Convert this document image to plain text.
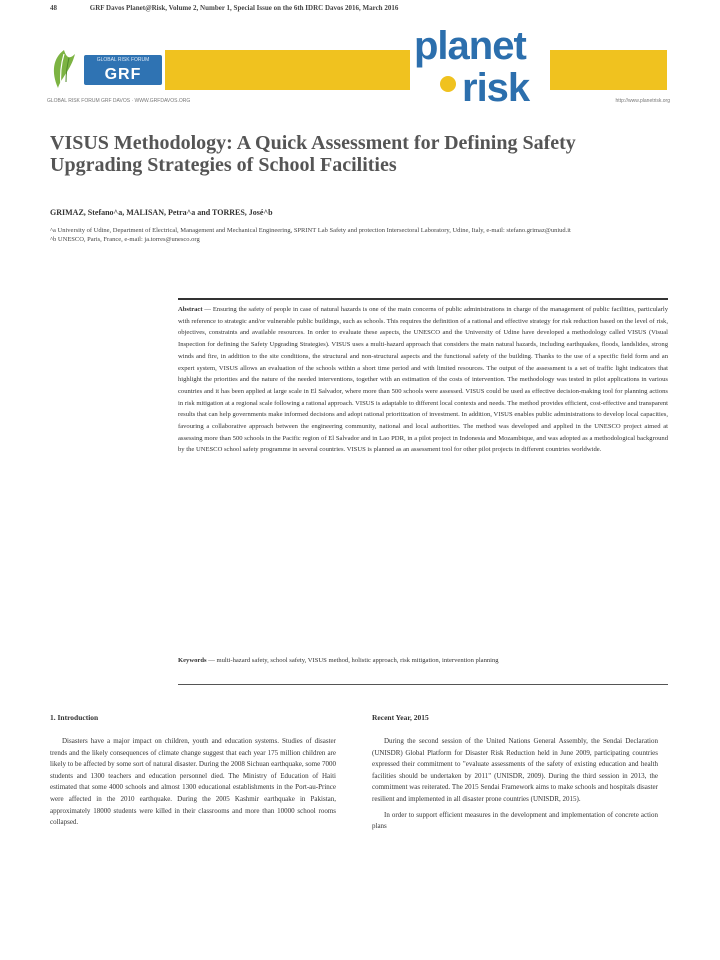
48	GRF Davos Planet@Risk, Volume 2, Number 1, Special Issue on the 6th IDRC Davos 2016, March 2016
GLOBAL RISK FORUM
GRF
GLOBAL RISK FORUM GRF DAVOS · WWW.GRFDAVOS.ORG
planet
risk	http://www.planetrisk.org
VISUS Methodology: A Quick Assessment for Defining Safety Upgrading Strategies of School Facilities
GRIMAZ, Stefano^a, MALISAN, Petra^a and TORRES, José^b

^a University of Udine, Department of Electrical, Management and Mechanical Engineering, SPRINT Lab Safety and protection Intersectoral Laboratory, Udine, Italy, e-mail: stefano.grimaz@uniud.it

^b UNESCO, Paris, France, e-mail: ja.torres@unesco.org

Abstract — Ensuring the safety of people in case of natural hazards is one of the main concerns of public administrations in charge of the management of public facilities, particularly with reference to strategic and/or vulnerable public buildings, such as schools. This requires the definition of a rational and effective strategy for risk reduction based on the level of risk, objectives, constraints and available resources. In order to evaluate these aspects, the UNESCO and the University of Udine have developed a methodology called VISUS (Visual Inspection for defining the Safety Upgrading Strategies). VISUS uses a multi-hazard approach that considers the main natural hazards, including earthquakes, floods, landslides, strong winds and fire, in addition to the site conditions, the structural and non-structural aspects and the functional safety of the building. Thanks to the use of a specific field form and an expert system, VISUS allows an evaluation of the schools within a short time period and with limited resources. The output of the assessment is a set of traffic light indicators that highlight the priorities and the nature of the needed interventions, together with an estimation of the costs of intervention. The methodology was tested in pilot applications in various countries and it has been applied at large scale in El Salvador, where more than 500 schools were assessed. VISUS could be used as effective decision-making tool for planning actions in risk mitigation at a regional scale following a rational approach. VISUS is adaptable to different local contexts and needs. The method provides efficient, cost-effective and transparent results that can help governments make informed decisions and adopt rational prioritization of investment. In addition, VISUS enables public administrations to develop local capacities, favouring a collaborative approach between the engineering community, national and local authorities. The method was developed and applied in the UNESCO project aimed at assessing more than 500 schools in the Pacific region of El Salvador and in Lao PDR, in a pilot project in Indonesia and Mozambique, and was adopted as a methodological background by the UNESCO school safety programme in several countries. VISUS is planned as an assessment tool for other pilot projects in different countries worldwide.
Keywords — multi-hazard safety, school safety, VISUS method, holistic approach, risk mitigation, intervention planning
1. Introduction

Disasters have a major impact on children, youth and education systems. Studies of disaster trends and the likely consequences of climate change suggest that each year 175 million children are likely to be affected by some sort of natural disaster. During the 2008 Sichuan earthquake, some 7000 students and 1300 teachers and education personnel died. The Ministry of Education of Haiti estimated that some 4000 schools and almost 1300 educational establishments in the Port-au-Prince were affected in the 2010 earthquake. During the 2005 Kashmir earthquake in Pakistan, approximately 18000 students were killed in their classrooms and more than 10000 school rooms collapsed.

Recent Year, 2015

During the second session of the United Nations General Assembly, the Sendai Declaration (UNISDR) Global Platform for Disaster Risk Reduction held in June 2009, participating countries expressed their commitment to "evaluate assessments of the safety of existing education and health facilities should be undertaken by 2011" (UNISDR, 2009). During the third session in 2013, the commitment was reiterated. The 2015 Sendai Framework aims to make schools and hospitals disaster resilient and implemented in all disaster prone countries (UNISDR, 2015).

In order to support efficient measures in the development and implementation of concrete action plans
